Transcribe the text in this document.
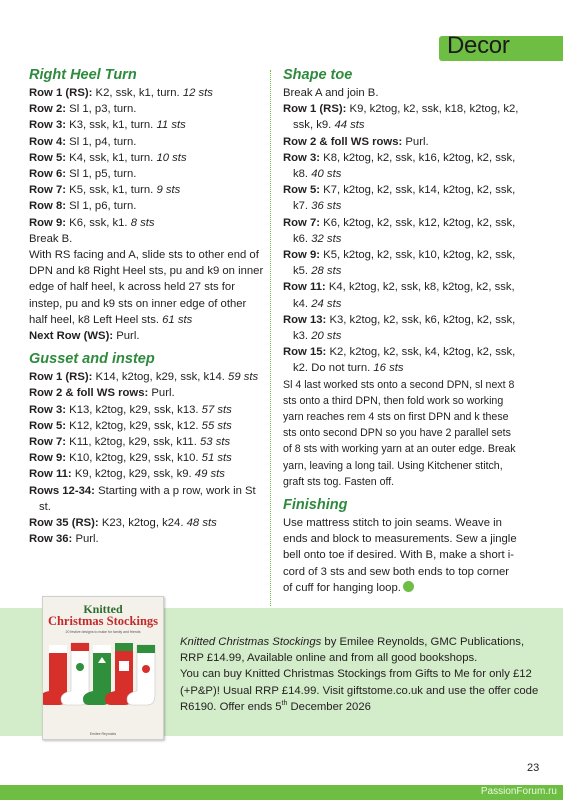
Decor
Right Heel Turn
Row 1 (RS): K2, ssk, k1, turn. 12 sts
Row 2: Sl 1, p3, turn.
Row 3: K3, ssk, k1, turn. 11 sts
Row 4: Sl 1, p4, turn.
Row 5: K4, ssk, k1, turn. 10 sts
Row 6: Sl 1, p5, turn.
Row 7: K5, ssk, k1, turn. 9 sts
Row 8: Sl 1, p6, turn.
Row 9: K6, ssk, k1. 8 sts
Break B.
With RS facing and A, slide sts to other end of DPN and k8 Right Heel sts, pu and k9 on inner edge of half heel, k across held 27 sts for instep, pu and k9 sts on inner edge of other half heel, k8 Left Heel sts. 61 sts
Next Row (WS): Purl.
Gusset and instep
Row 1 (RS): K14, k2tog, k29, ssk, k14. 59 sts
Row 2 & foll WS rows: Purl.
Row 3: K13, k2tog, k29, ssk, k13. 57 sts
Row 5: K12, k2tog, k29, ssk, k12. 55 sts
Row 7: K11, k2tog, k29, ssk, k11. 53 sts
Row 9: K10, k2tog, k29, ssk, k10. 51 sts
Row 11: K9, k2tog, k29, ssk, k9. 49 sts
Rows 12-34: Starting with a p row, work in St st.
Row 35 (RS): K23, k2tog, k24. 48 sts
Row 36: Purl.
Shape toe
Break A and join B.
Row 1 (RS): K9, k2tog, k2, ssk, k18, k2tog, k2, ssk, k9. 44 sts
Row 2 & foll WS rows: Purl.
Row 3: K8, k2tog, k2, ssk, k16, k2tog, k2, ssk, k8. 40 sts
Row 5: K7, k2tog, k2, ssk, k14, k2tog, k2, ssk, k7. 36 sts
Row 7: K6, k2tog, k2, ssk, k12, k2tog, k2, ssk, k6. 32 sts
Row 9: K5, k2tog, k2, ssk, k10, k2tog, k2, ssk, k5. 28 sts
Row 11: K4, k2tog, k2, ssk, k8, k2tog, k2, ssk, k4. 24 sts
Row 13: K3, k2tog, k2, ssk, k6, k2tog, k2, ssk, k3. 20 sts
Row 15: K2, k2tog, k2, ssk, k4, k2tog, k2, ssk, k2. Do not turn. 16 sts
Sl 4 last worked sts onto a second DPN, sl next 8 sts onto a third DPN, then fold work so working yarn reaches rem 4 sts on first DPN and k these sts onto second DPN so you have 2 parallel sets of 8 sts with working yarn at an outer edge. Break yarn, leaving a long tail. Using Kitchener stitch, graft sts tog. Fasten off.
Finishing
Use mattress stitch to join seams. Weave in ends and block to measurements. Sew a jingle bell onto toe if desired. With B, make a short i-cord of 3 sts and sew both ends to top corner of cuff for hanging loop.
Knitted
Christmas Stockings
20 festive designs to make for family and friends
Emilee Reynolds
Knitted Christmas Stockings by Emilee Reynolds, GMC Publications, RRP £14.99, Available online and from all good bookshops.
You can buy Knitted Christmas Stockings from Gifts to Me for only £12 (+P&P)! Usual RRP £14.99. Visit giftstome.co.uk and use the offer code R6190. Offer ends 5th December 2026
23
PassionForum.ru
